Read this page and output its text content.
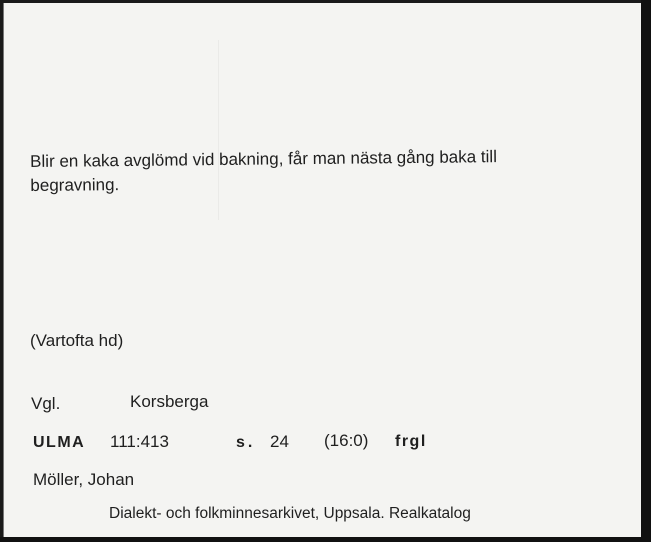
Blir en kaka avglömd vid bakning, får man nästa gång baka till
begravning.
(Vartofta hd)
Vgl.	Korsberga
ULMA 111:413	s. 24 (16:0) frgl
Möller, Johan
Dialekt- och folkminnesarkivet, Uppsala. Realkatalog
